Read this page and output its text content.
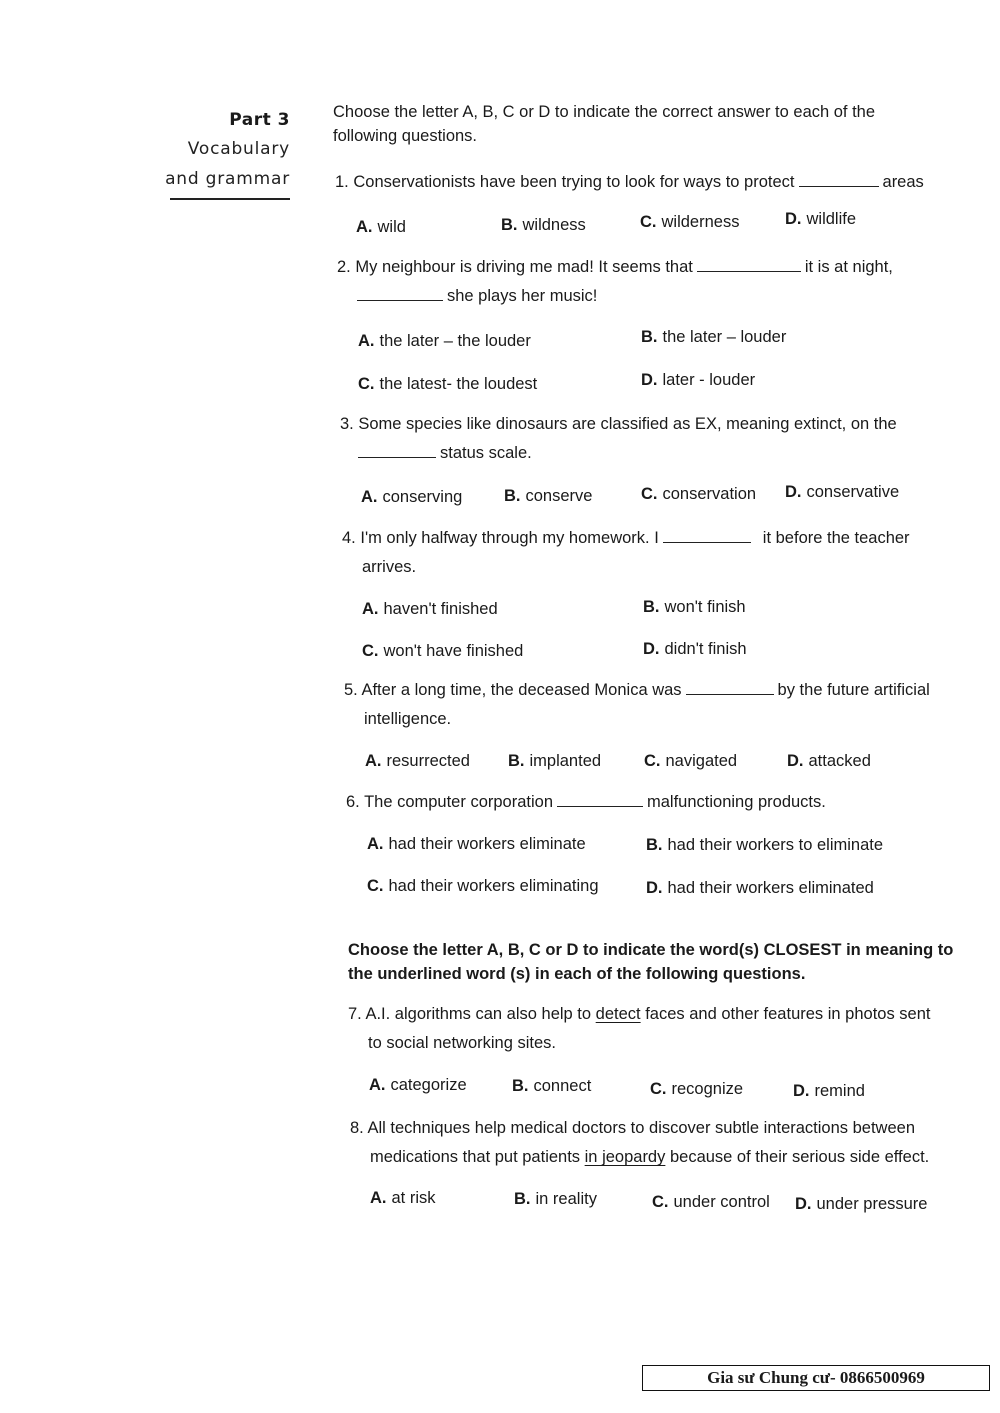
Part 3
Vocabulary
and grammar
Choose the letter A, B, C or D to indicate the correct answer to each of the following questions.
1. Conservationists have been trying to look for ways to protect	areas
A. wild	B. wildness	C. wilderness	D. wildlife
2. My neighbour is driving me mad! It seems that	it is at night,
she plays her music!
A. the later – the louder	B. the later – louder
C. the latest- the loudest	D. later - louder
3. Some species like dinosaurs are classified as EX, meaning extinct, on the
status scale.
A. conserving	B. conserve	C. conservation D. conservative
4. I'm only halfway through my homework. I	it before the teacher
arrives.
A. haven't finished	B. won't finish
C. won't have finished	D. didn't finish
5. After a long time, the deceased Monica was	by the future artificial
intelligence.
A. resurrected B. implanted	C. navigated	D. attacked
6. The computer corporation	malfunctioning products.
A. had their workers eliminate	B. had their workers to eliminate
C. had their workers eliminating	D. had their workers eliminated
Choose the letter A, B, C or D to indicate the word(s) CLOSEST in meaning to the underlined word (s) in each of the following questions.
7. A.I. algorithms can also help to detect faces and other features in photos sent
to social networking sites.
A. categorize	B. connect	C. recognize	D. remind
8. All techniques help medical doctors to discover subtle interactions between
medications that put patients in jeopardy because of their serious side effect.
A. at risk	B. in reality	C. under control D. under pressure
Gia sư Chung cư- 0866500969
